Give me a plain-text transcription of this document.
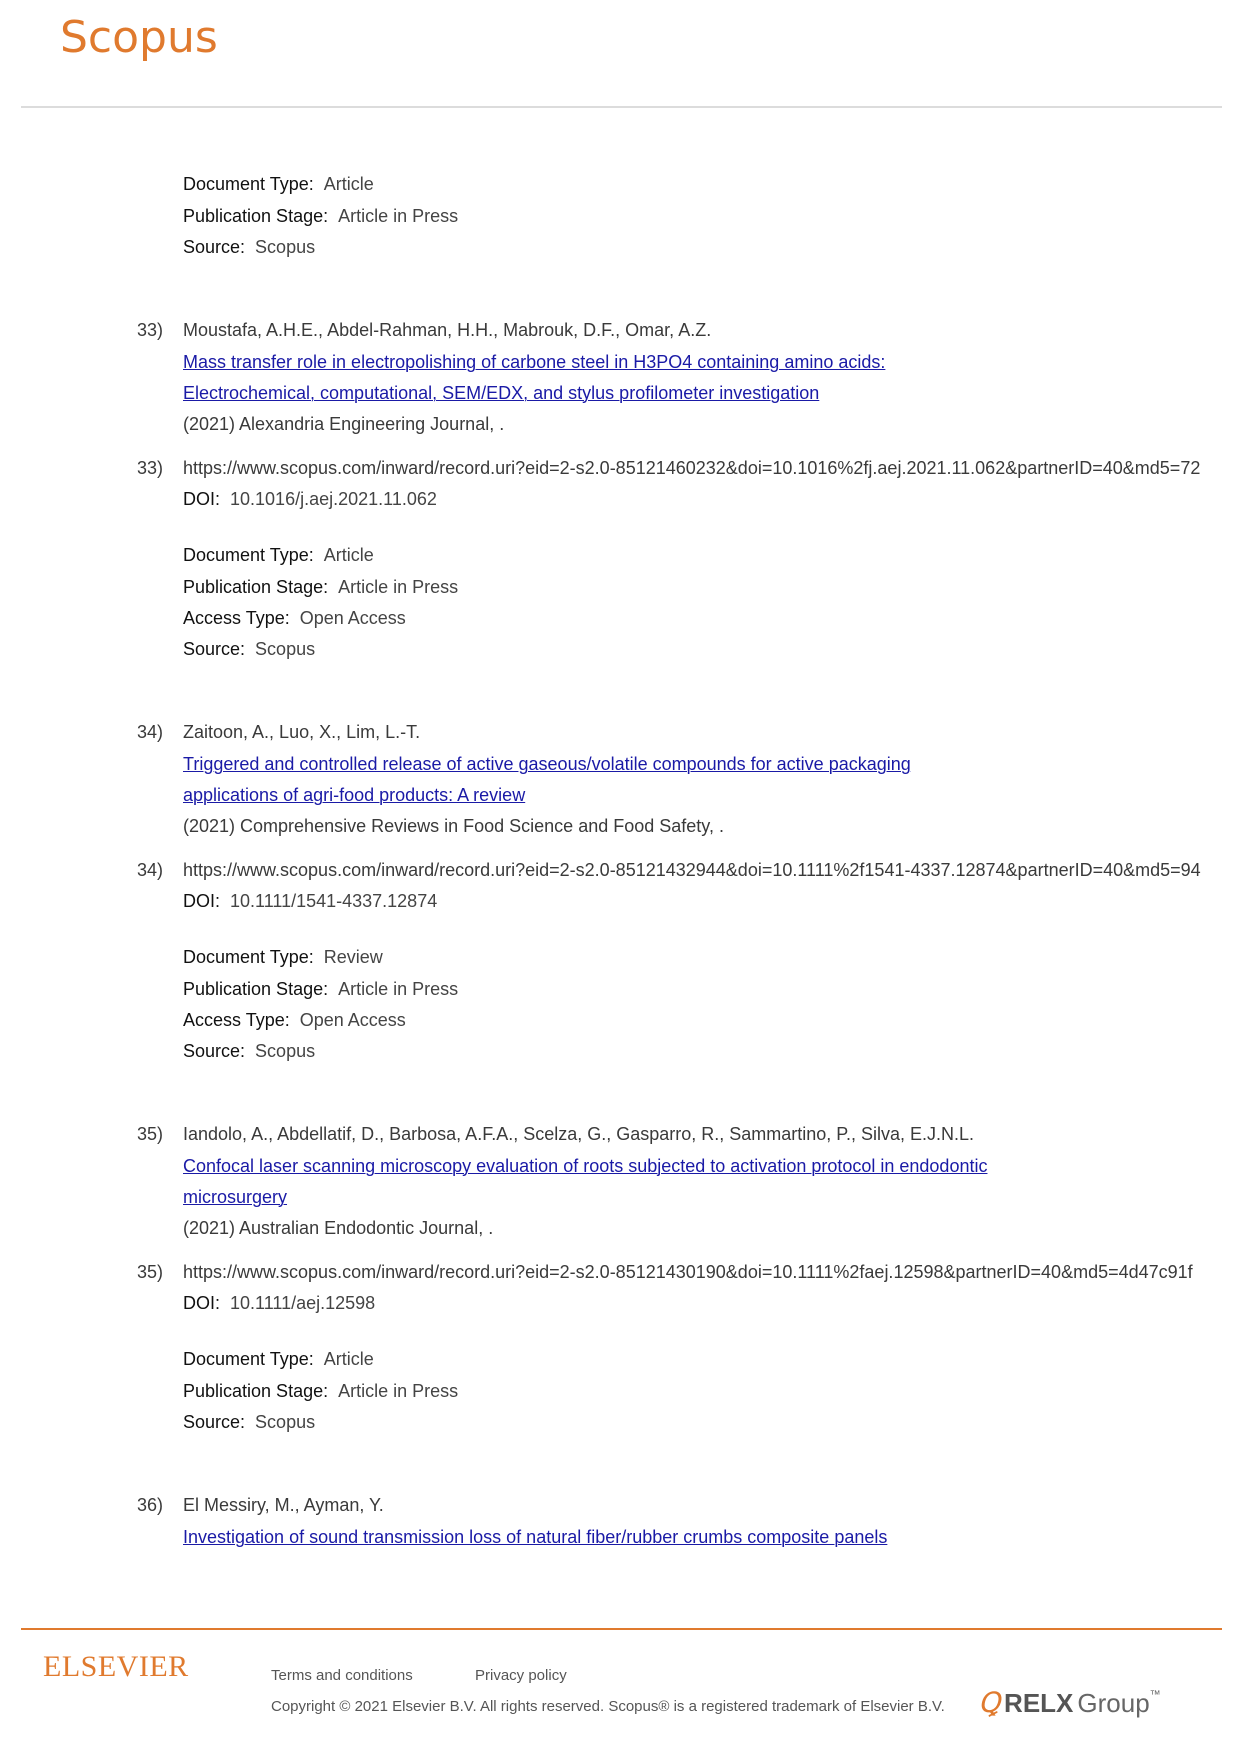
Scopus
Document Type: Article
Publication Stage: Article in Press
Source: Scopus
33) Moustafa, A.H.E., Abdel-Rahman, H.H., Mabrouk, D.F., Omar, A.Z.
Mass transfer role in electropolishing of carbone steel in H3PO4 containing amino acids:
Electrochemical, computational, SEM/EDX, and stylus profilometer investigation
(2021) Alexandria Engineering Journal, .
33) https://www.scopus.com/inward/record.uri?eid=2-s2.0-85121460232&doi=10.1016%2fj.aej.2021.11.062&partnerID=40&md5=72
DOI: 10.1016/j.aej.2021.11.062
Document Type: Article
Publication Stage: Article in Press
Access Type: Open Access
Source: Scopus
34) Zaitoon, A., Luo, X., Lim, L.-T.
Triggered and controlled release of active gaseous/volatile compounds for active packaging
applications of agri-food products: A review
(2021) Comprehensive Reviews in Food Science and Food Safety, .
34) https://www.scopus.com/inward/record.uri?eid=2-s2.0-85121432944&doi=10.1111%2f1541-4337.12874&partnerID=40&md5=94
DOI: 10.1111/1541-4337.12874
Document Type: Review
Publication Stage: Article in Press
Access Type: Open Access
Source: Scopus
35) Iandolo, A., Abdellatif, D., Barbosa, A.F.A., Scelza, G., Gasparro, R., Sammartino, P., Silva, E.J.N.L.
Confocal laser scanning microscopy evaluation of roots subjected to activation protocol in endodontic
microsurgery
(2021) Australian Endodontic Journal, .
35) https://www.scopus.com/inward/record.uri?eid=2-s2.0-85121430190&doi=10.1111%2faej.12598&partnerID=40&md5=4d47c91f
DOI: 10.1111/aej.12598
Document Type: Article
Publication Stage: Article in Press
Source: Scopus
36) El Messiry, M., Ayman, Y.
Investigation of sound transmission loss of natural fiber/rubber crumbs composite panels
ELSEVIER	Terms and conditions	Privacy policy
Copyright © 2021 Elsevier B.V. All rights reserved. Scopus® is a registered trademark of Elsevier B.V. Ꝗ RELX Group ™
